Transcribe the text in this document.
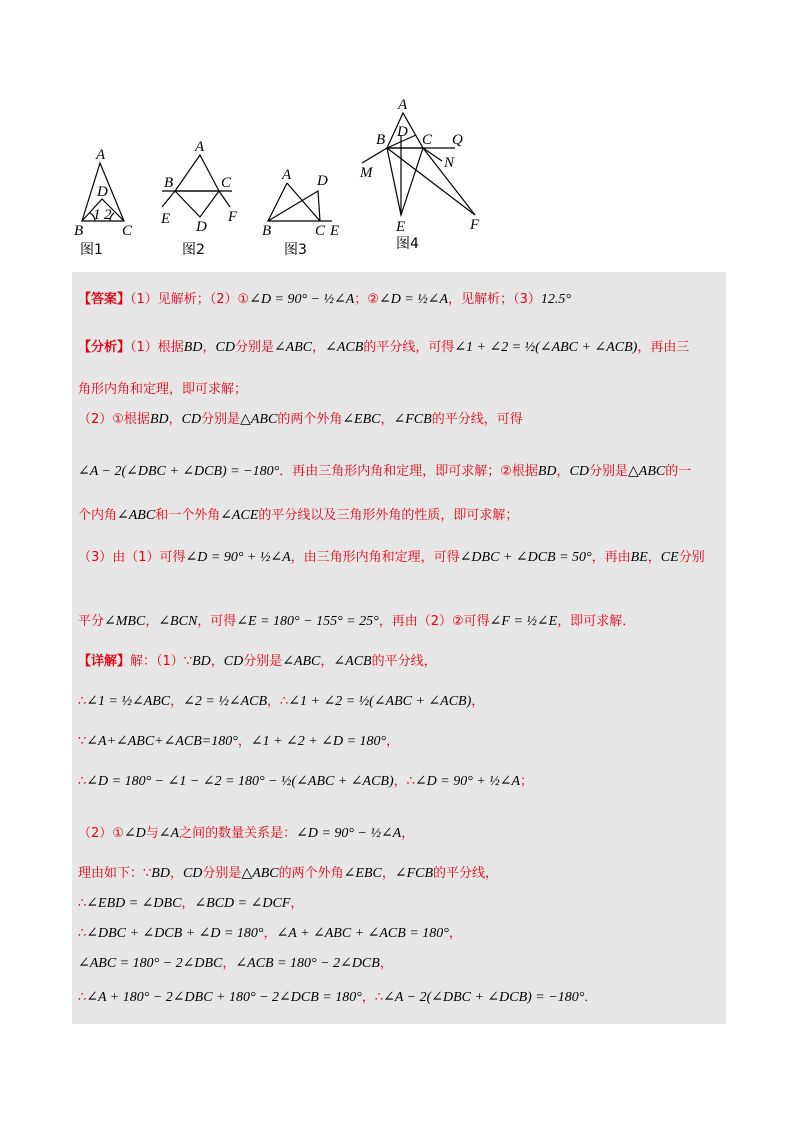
A
D
1 2
B	C
A
B	C
E D
F
A D
B	C E
A
D
B C Q
N
M
E	F
图1	图2	图3	图4
【答案】（1）见解析；（2）①∠D = 90° − ½∠A；②∠D = ½∠A，见解析；（3）12.5°
【分析】（1）根据BD，CD分别是∠ABC，∠ACB的平分线，可得∠1 + ∠2 = ½(∠ABC + ∠ACB)，再由三
角形内角和定理，即可求解；
（2）①根据BD，CD分别是△ABC的两个外角∠EBC，∠FCB的平分线，可得
∠A − 2(∠DBC + ∠DCB) = −180°．再由三角形内角和定理，即可求解；②根据BD，CD分别是△ABC的一
个内角∠ABC和一个外角∠ACE的平分线以及三角形外角的性质，即可求解；
（3）由（1）可得∠D = 90° + ½∠A，由三角形内角和定理，可得∠DBC + ∠DCB = 50°，再由BE，CE分别
平分∠MBC，∠BCN，可得∠E = 180° − 155° = 25°，再由（2）②可得∠F = ½∠E，即可求解．
【详解】解：（1）∵BD，CD分别是∠ABC，∠ACB的平分线，
∴∠1 = ½∠ABC，∠2 = ½∠ACB，∴∠1 + ∠2 = ½(∠ABC + ∠ACB)，
∵∠A+∠ABC+∠ACB=180°，∠1 + ∠2 + ∠D = 180°，
∴∠D = 180° − ∠1 − ∠2 = 180° − ½(∠ABC + ∠ACB)，∴∠D = 90° + ½∠A；
（2）①∠D与∠A之间的数量关系是：∠D = 90° − ½∠A，
理由如下：∵BD，CD分别是△ABC的两个外角∠EBC，∠FCB的平分线，
∴∠EBD = ∠DBC，∠BCD = ∠DCF，
∴∠DBC + ∠DCB + ∠D = 180°，∠A + ∠ABC + ∠ACB = 180°，
∠ABC = 180° − 2∠DBC，∠ACB = 180° − 2∠DCB，
∴∠A + 180° − 2∠DBC + 180° − 2∠DCB = 180°，∴∠A − 2(∠DBC + ∠DCB) = −180°．
